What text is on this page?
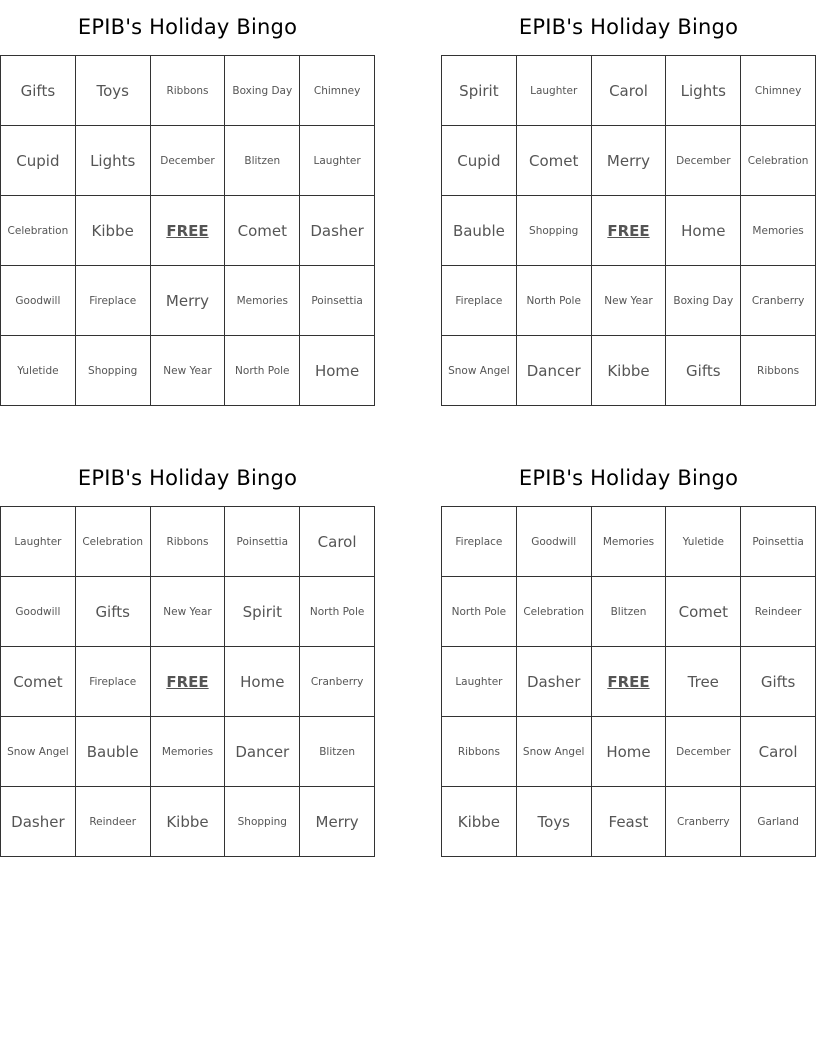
EPIB's Holiday Bingo
Gifts	Toys	Ribbons	Boxing Day	Chimney
Cupid	Lights	December	Blitzen	Laughter
Celebration	Kibbe	FREE	Comet	Dasher
Goodwill	Fireplace	Merry	Memories	Poinsettia
Yuletide	Shopping	New Year	North Pole	Home
EPIB's Holiday Bingo
Spirit	Laughter	Carol	Lights	Chimney
Cupid	Comet	Merry	December	Celebration
Bauble	Shopping	FREE	Home	Memories
Fireplace	North Pole	New Year	Boxing Day	Cranberry
Snow Angel	Dancer	Kibbe	Gifts	Ribbons
EPIB's Holiday Bingo
Laughter	Celebration	Ribbons	Poinsettia	Carol
Goodwill	Gifts	New Year	Spirit	North Pole
Comet	Fireplace	FREE	Home	Cranberry
Snow Angel	Bauble	Memories	Dancer	Blitzen
Dasher	Reindeer	Kibbe	Shopping	Merry
EPIB's Holiday Bingo
Fireplace	Goodwill	Memories	Yuletide	Poinsettia
North Pole	Celebration	Blitzen	Comet	Reindeer
Laughter	Dasher	FREE	Tree	Gifts
Ribbons	Snow Angel	Home	December	Carol
Kibbe	Toys	Feast	Cranberry	Garland
